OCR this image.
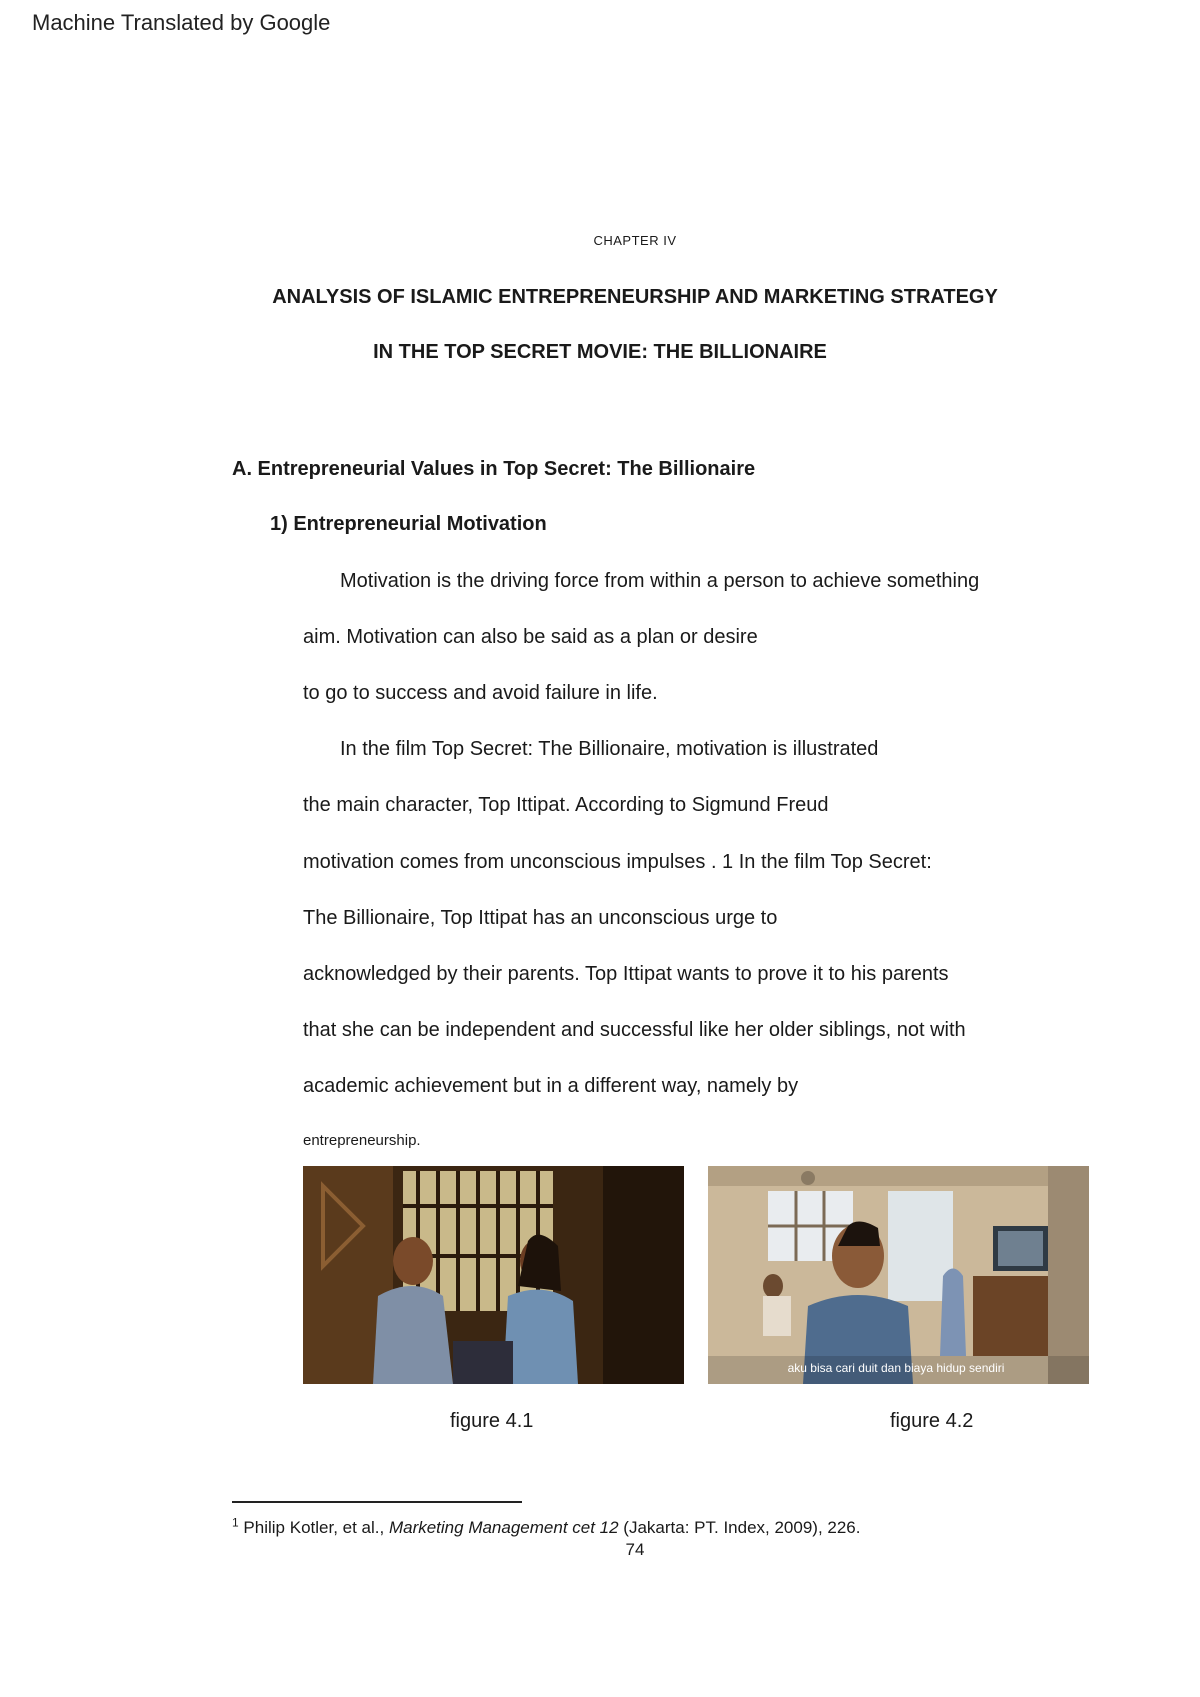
Machine Translated by Google
CHAPTER IV
ANALYSIS OF ISLAMIC ENTREPRENEURSHIP AND MARKETING STRATEGY
IN THE TOP SECRET MOVIE: THE BILLIONAIRE
A. Entrepreneurial Values in Top Secret: The Billionaire
1) Entrepreneurial Motivation
Motivation is the driving force from within a person to achieve something
aim. Motivation can also be said as a plan or desire
to go to success and avoid failure in life.
In the film Top Secret: The Billionaire, motivation is illustrated
the main character, Top Ittipat. According to Sigmund Freud
motivation comes from unconscious impulses . 1 In the film Top Secret:
The Billionaire, Top Ittipat has an unconscious urge to
acknowledged by their parents. Top Ittipat wants to prove it to his parents
that she can be independent and successful like her older siblings, not with
academic achievement but in a different way, namely by
entrepreneurship.
aku bisa cari duit dan biaya hidup sendiri
figure 4.1	figure 4.2
$^1$ Philip Kotler, et al., Marketing Management cet 12 (Jakarta: PT. Index, 2009), 226.
74
